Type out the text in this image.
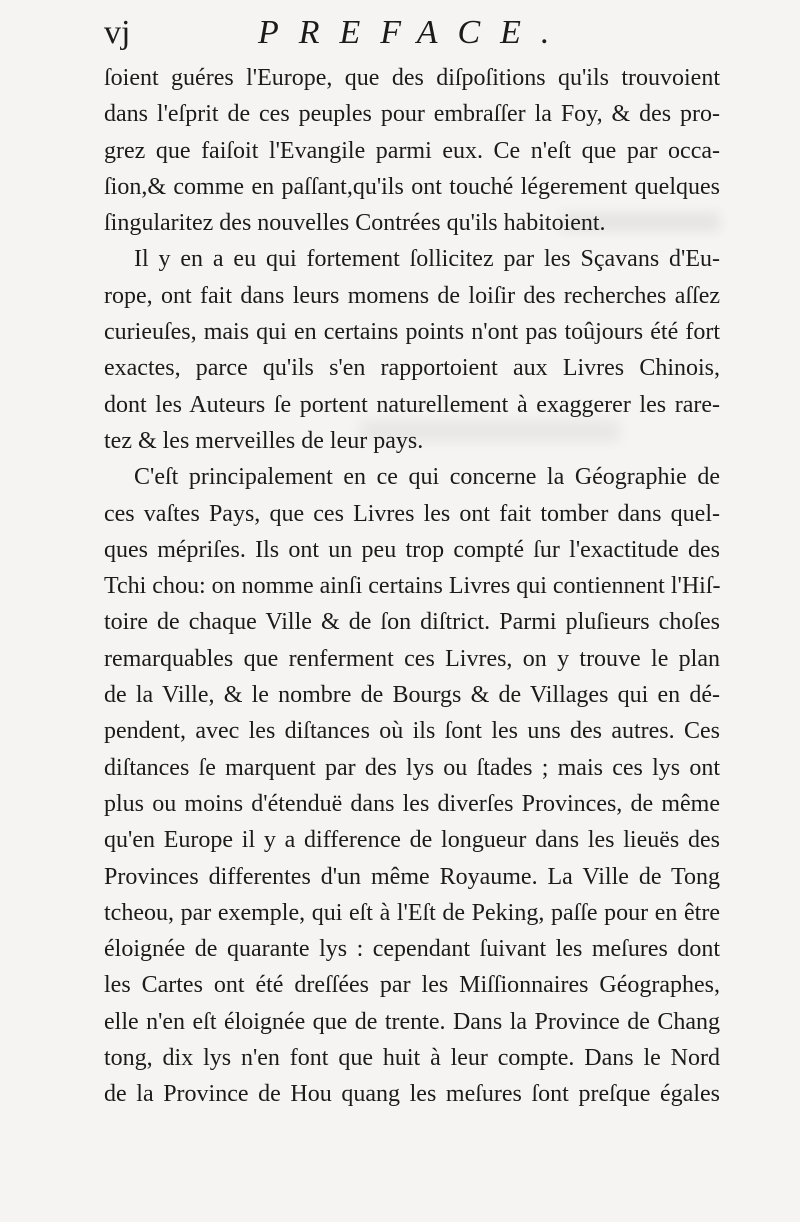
vj	PREFACE.
ſoient guéres l'Europe, que des diſpoſitions qu'ils trouvoient
dans l'eſprit de ces peuples pour embraſſer la Foy, & des pro-
grez que faiſoit l'Evangile parmi eux. Ce n'eſt que par occa-
ſion,& comme en paſſant,qu'ils ont touché légerement quelques
ſingularitez des nouvelles Contrées qu'ils habitoient.
Il y en a eu qui fortement ſollicitez par les Sçavans d'Eu-
rope, ont fait dans leurs momens de loiſir des recherches aſſez
curieuſes, mais qui en certains points n'ont pas toûjours été fort
exactes, parce qu'ils s'en rapportoient aux Livres Chinois,
dont les Auteurs ſe portent naturellement à exaggerer les rare-
tez & les merveilles de leur pays.
C'eſt principalement en ce qui concerne la Géographie de
ces vaſtes Pays, que ces Livres les ont fait tomber dans quel-
ques mépriſes. Ils ont un peu trop compté ſur l'exactitude des
Tchi chou: on nomme ainſi certains Livres qui contiennent l'Hiſ-
toire de chaque Ville & de ſon diſtrict. Parmi pluſieurs choſes
remarquables que renferment ces Livres, on y trouve le plan
de la Ville, & le nombre de Bourgs & de Villages qui en dé-
pendent, avec les diſtances où ils ſont les uns des autres. Ces
diſtances ſe marquent par des lys ou ſtades ; mais ces lys ont
plus ou moins d'étenduë dans les diverſes Provinces, de même
qu'en Europe il y a difference de longueur dans les lieuës des
Provinces differentes d'un même Royaume. La Ville de Tong
tcheou, par exemple, qui eſt à l'Eſt de Peking, paſſe pour en être
éloignée de quarante lys : cependant ſuivant les meſures dont
les Cartes ont été dreſſées par les Miſſionnaires Géographes,
elle n'en eſt éloignée que de trente. Dans la Province de Chang
tong, dix lys n'en font que huit à leur compte. Dans le Nord
de la Province de Hou quang les meſures ſont preſque égales
